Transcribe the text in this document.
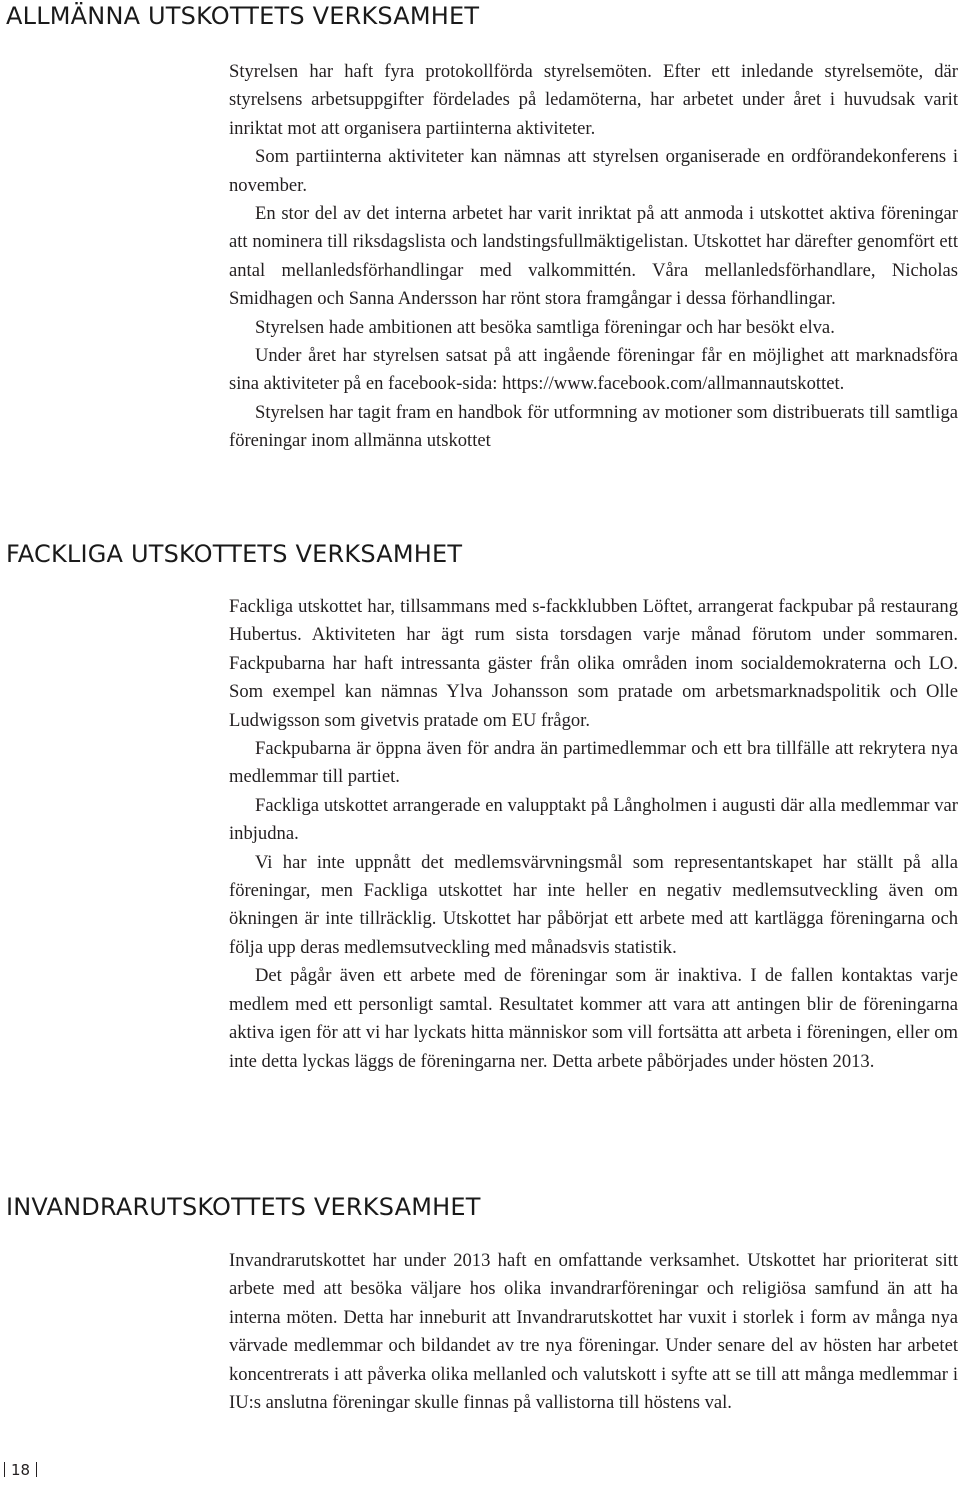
ALLMÄNNA UTSKOTTETS VERKSAMHET

Styrelsen har haft fyra protokollförda styrelsemöten. Efter ett inledande styrelsemöte, där styrelsens arbetsuppgifter fördelades på ledamöterna, har arbetet under året i huvudsak varit inriktat mot att organisera partiinterna aktiviteter.

Som partiinterna aktiviteter kan nämnas att styrelsen organiserade en ordförandekonferens i november.

En stor del av det interna arbetet har varit inriktat på att anmoda i utskottet aktiva föreningar att nominera till riksdagslista och landstingsfullmäktigelistan. Utskottet har därefter genomfört ett antal mellanledsförhandlingar med valkommittén. Våra mellanledsförhandlare, Nicholas Smidhagen och Sanna Andersson har rönt stora framgångar i dessa förhandlingar.

Styrelsen hade ambitionen att besöka samtliga föreningar och har besökt elva.

Under året har styrelsen satsat på att ingående föreningar får en möjlighet att marknadsföra sina aktiviteter på en facebook-sida: https://www.facebook.com/allmannautskottet.

Styrelsen har tagit fram en handbok för utformning av motioner som distribuerats till samtliga föreningar inom allmänna utskottet

FACKLIGA UTSKOTTETS VERKSAMHET

Fackliga utskottet har, tillsammans med s-fackklubben Löftet, arrangerat fackpubar på restaurang Hubertus. Aktiviteten har ägt rum sista torsdagen varje månad förutom under sommaren. Fackpubarna har haft intressanta gäster från olika områden inom socialdemokraterna och LO. Som exempel kan nämnas Ylva Johansson som pratade om arbetsmarknadspolitik och Olle Ludwigsson som givetvis pratade om EU frågor.

Fackpubarna är öppna även för andra än partimedlemmar och ett bra tillfälle att rekrytera nya medlemmar till partiet.

Fackliga utskottet arrangerade en valupptakt på Långholmen i augusti där alla medlemmar var inbjudna.

Vi har inte uppnått det medlemsvärvningsmål som representantskapet har ställt på alla föreningar, men Fackliga utskottet har inte heller en negativ medlemsutveckling även om ökningen är inte tillräcklig. Utskottet har påbörjat ett arbete med att kartlägga föreningarna och följa upp deras medlemsutveckling med månadsvis statistik.

Det pågår även ett arbete med de föreningar som är inaktiva. I de fallen kontaktas varje medlem med ett personligt samtal. Resultatet kommer att vara att antingen blir de föreningarna aktiva igen för att vi har lyckats hitta människor som vill fortsätta att arbeta i föreningen, eller om inte detta lyckas läggs de föreningarna ner. Detta arbete påbörjades under hösten 2013.

INVANDRARUTSKOTTETS VERKSAMHET

Invandrarutskottet har under 2013 haft en omfattande verksamhet. Utskottet har prioriterat sitt arbete med att besöka väljare hos olika invandrarföreningar och religiösa samfund än att ha interna möten. Detta har inneburit att Invandrarutskottet har vuxit i storlek i form av många nya värvade medlemmar och bildandet av tre nya föreningar. Under senare del av hösten har arbetet koncentrerats i att påverka olika mellanled och valutskott i syfte att se till att många medlemmar i IU:s anslutna föreningar skulle finnas på vallistorna till höstens val.

18
